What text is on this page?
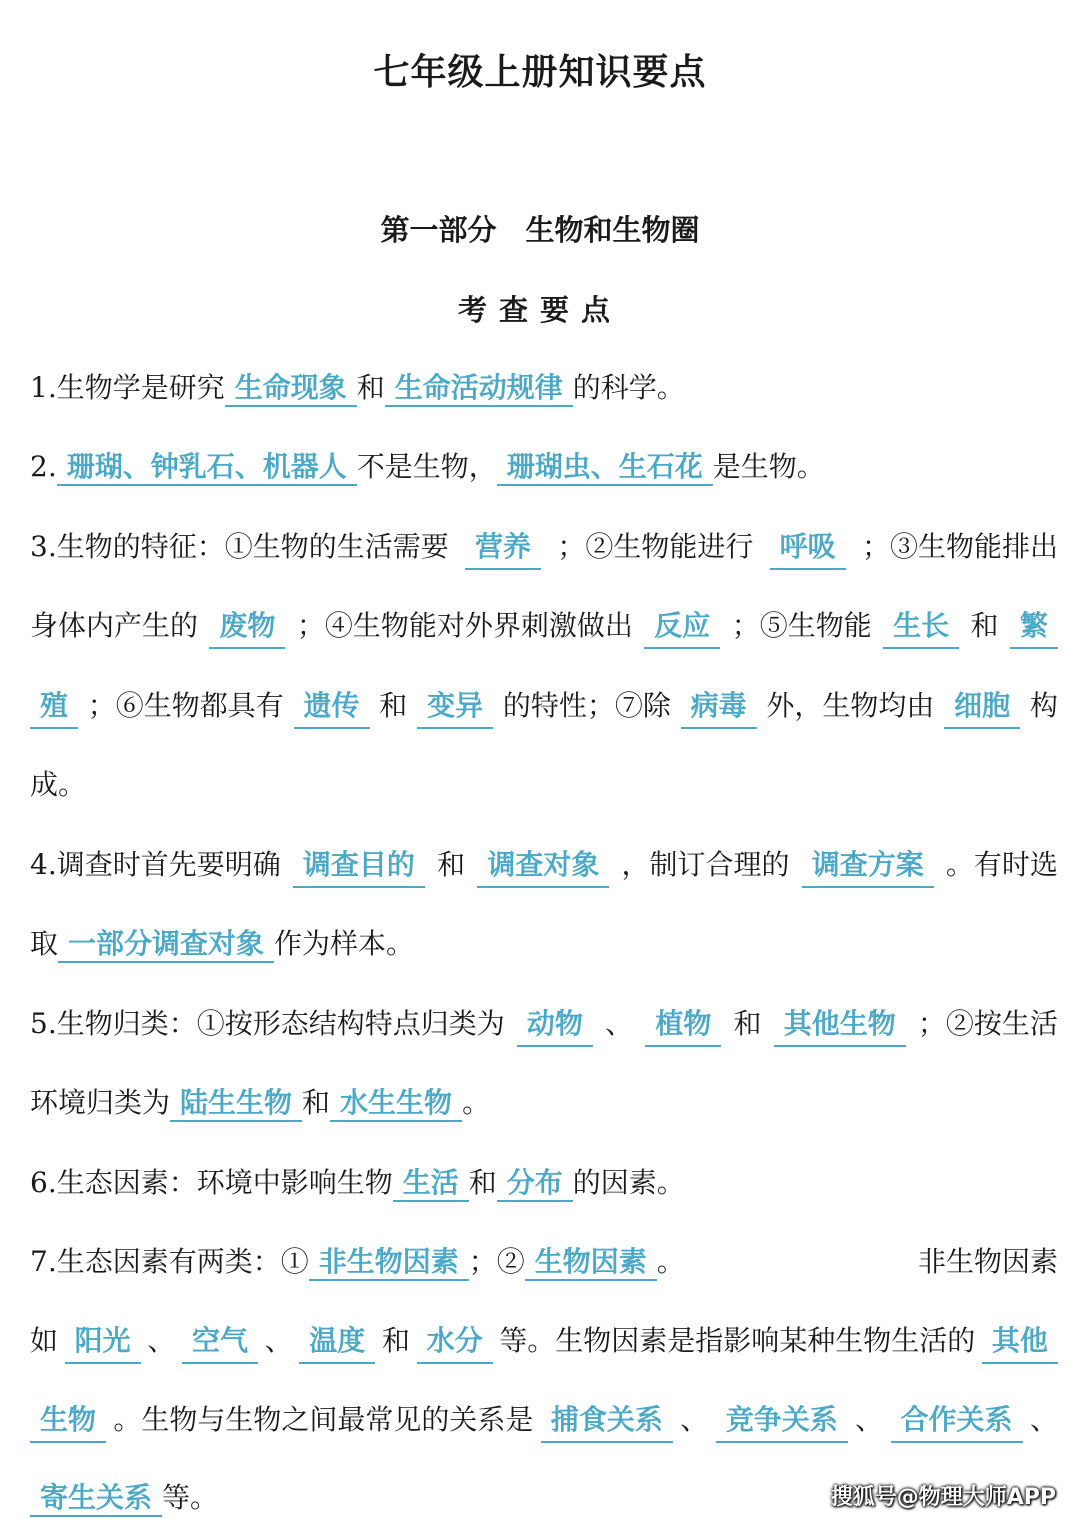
七年级上册知识要点
第一部分　生物和生物圈
考查要点
1.生物学是研究 生命现象 和 生命活动规律 的科学。
2. 珊瑚、钟乳石、机器人 不是生物， 珊瑚虫、生石花 是生物。
3.生物的特征：①生物的生活需要 营养 ；②生物能进行 呼吸 ；③生物能排出
身体内产生的 废物 ；④生物能对外界刺激做出 反应 ；⑤生物能 生长 和 繁
殖 ；⑥生物都具有 遗传 和 变异 的特性；⑦除 病毒 外，生物均由 细胞 构
成。
4.调查时首先要明确 调查目的 和 调查对象 ，制订合理的 调查方案 。有时选
取 一部分调查对象 作为样本。
5.生物归类：①按形态结构特点归类为 动物 、 植物 和 其他生物 ；②按生活
环境归类为 陆生生物 和 水生生物 。
6.生态因素：环境中影响生物 生活 和 分布 的因素。
7.生态因素有两类：① 非生物因素 ；② 生物因素 。	非生物因素
如 阳光 、 空气 、 温度 和 水分 等。生物因素是指影响某种生物生活的 其他
生物 。生物与生物之间最常见的关系是 捕食关系 、 竞争关系 、 合作关系 、
寄生关系 等。	搜狐号@物理大师APP
